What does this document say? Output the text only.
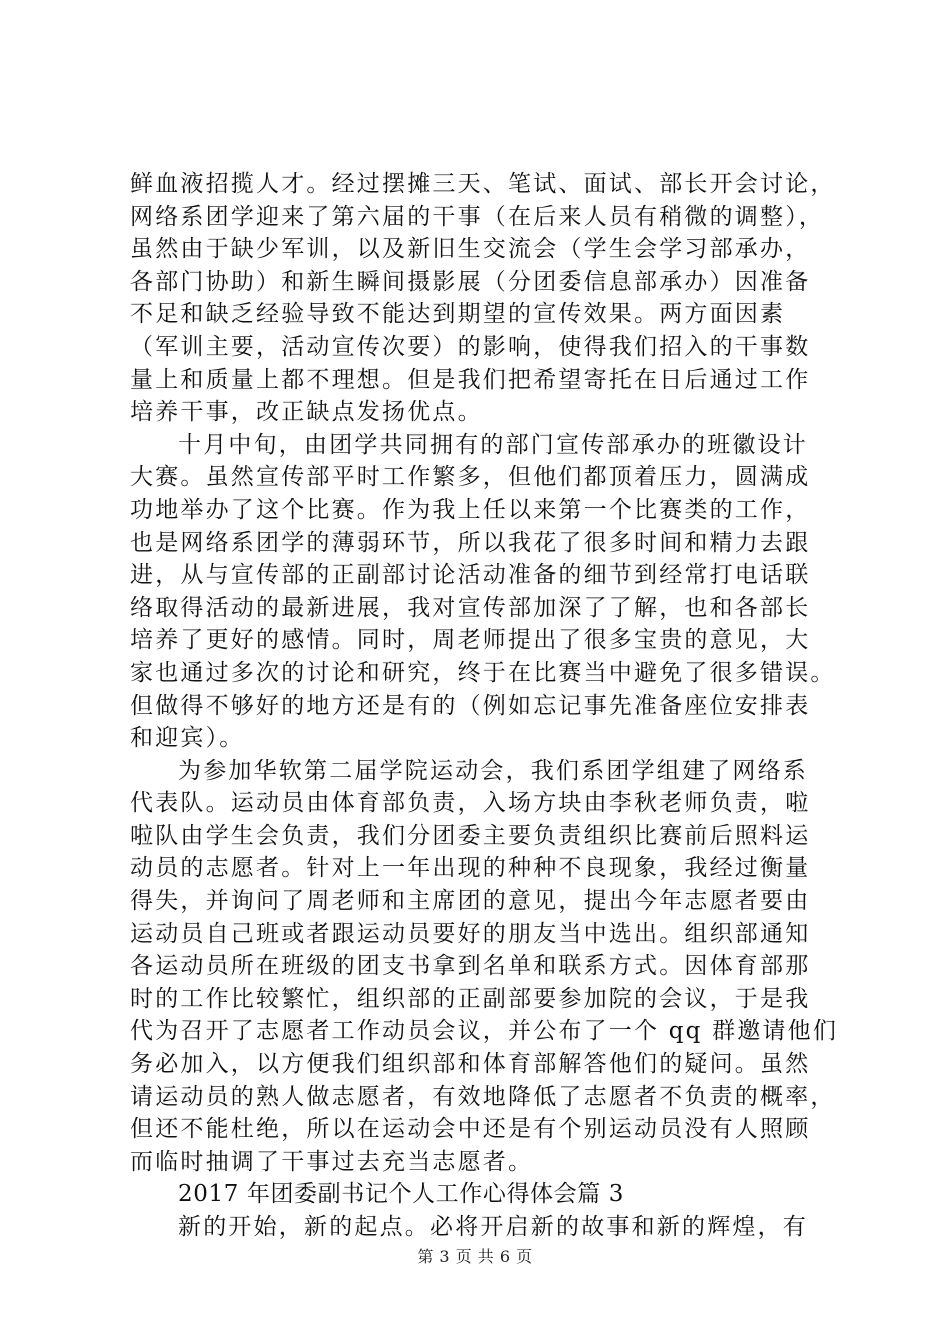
鲜血液招揽人才。经过摆摊三天、笔试、面试、部长开会讨论，
网络系团学迎来了第六届的干事（在后来人员有稍微的调整），
虽然由于缺少军训，以及新旧生交流会（学生会学习部承办，
各部门协助）和新生瞬间摄影展（分团委信息部承办）因准备
不足和缺乏经验导致不能达到期望的宣传效果。两方面因素
（军训主要，活动宣传次要）的影响，使得我们招入的干事数
量上和质量上都不理想。但是我们把希望寄托在日后通过工作
培养干事，改正缺点发扬优点。
十月中旬，由团学共同拥有的部门宣传部承办的班徽设计
大赛。虽然宣传部平时工作繁多，但他们都顶着压力，圆满成
功地举办了这个比赛。作为我上任以来第一个比赛类的工作，
也是网络系团学的薄弱环节，所以我花了很多时间和精力去跟
进，从与宣传部的正副部讨论活动准备的细节到经常打电话联
络取得活动的最新进展，我对宣传部加深了了解，也和各部长
培养了更好的感情。同时，周老师提出了很多宝贵的意见，大
家也通过多次的讨论和研究，终于在比赛当中避免了很多错误。
但做得不够好的地方还是有的（例如忘记事先准备座位安排表
和迎宾）。
为参加华软第二届学院运动会，我们系团学组建了网络系
代表队。运动员由体育部负责，入场方块由李秋老师负责，啦
啦队由学生会负责，我们分团委主要负责组织比赛前后照料运
动员的志愿者。针对上一年出现的种种不良现象，我经过衡量
得失，并询问了周老师和主席团的意见，提出今年志愿者要由
运动员自己班或者跟运动员要好的朋友当中选出。组织部通知
各运动员所在班级的团支书拿到名单和联系方式。因体育部那
时的工作比较繁忙，组织部的正副部要参加院的会议，于是我
代为召开了志愿者工作动员会议，并公布了一个 qq 群邀请他们
务必加入，以方便我们组织部和体育部解答他们的疑问。虽然
请运动员的熟人做志愿者，有效地降低了志愿者不负责的概率，
但还不能杜绝，所以在运动会中还是有个别运动员没有人照顾
而临时抽调了干事过去充当志愿者。
2017 年团委副书记个人工作心得体会篇 3
新的开始，新的起点。必将开启新的故事和新的辉煌，有
第 3 页 共 6 页
